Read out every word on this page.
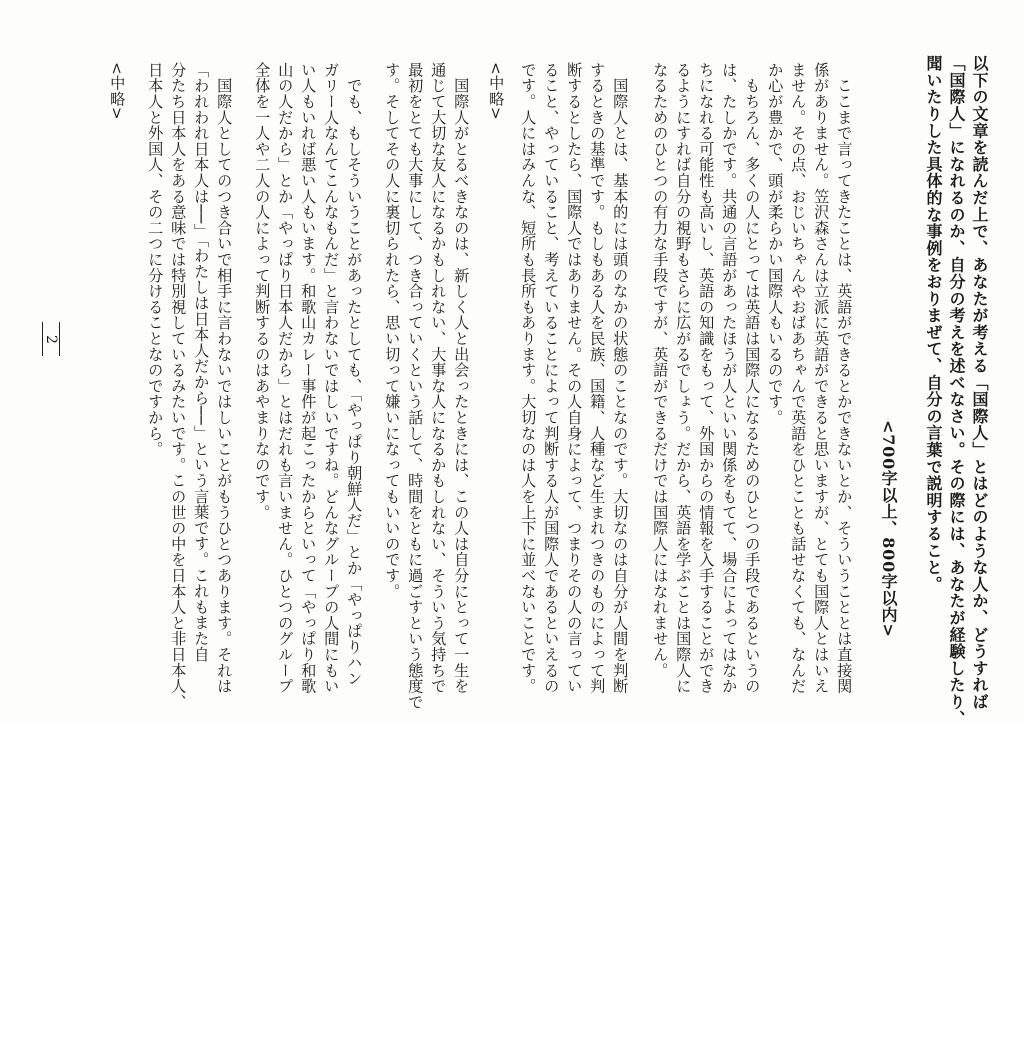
以下の文章を読んだ上で、あなたが考える「国際人」とはどのような人か、どうすれば
「国際人」になれるのか、自分の考えを述べなさい。その際には、あなたが経験したり、
聞いたりした具体的な事例をおりまぜて、自分の言葉で説明すること。
<700字以上、800字以内>
　ここまで言ってきたことは、英語ができるとかできないとか、そういうこととは直接関
係がありません。笠沢森さんは立派に英語ができると思いますが、とても国際人とはいえ
ません。その点、おじいちゃんやおばあちゃんで英語をひとことも話せなくても、なんだ
か心が豊かで、頭が柔らかい国際人もいるのです。
　もちろん、多くの人にとっては英語は国際人になるためのひとつの手段であるというの
は、たしかです。共通の言語があったほうが人といい関係をもてて、場合によってはなか
ちになれる可能性も高いし、英語の知識をもって、外国からの情報を入手することができ
るようにすれば自分の視野もさらに広がるでしょう。だから、英語を学ぶことは国際人に
なるためのひとつの有力な手段ですが、英語ができるだけでは国際人にはなれません。
　国際人とは、基本的には頭のなかの状態のことなのです。大切なのは自分が人間を判断
するときの基準です。もしもある人を民族、国籍、人種など生まれつきのものによって判
断するとしたら、国際人ではありません。その人自身によって、つまりその人の言ってい
ること、やっていること、考えていることによって判断する人が国際人であるといえるの
です。人にはみんな、短所も長所もあります。大切なのは人を上下に並べないことです。
<中略>
　国際人がとるべきなのは、新しく人と出会ったときには、この人は自分にとって一生を
通じて大切な友人になるかもしれない、大事な人になるかもしれない、そういう気持ちで
最初をとても大事にして、つき合っていくという話して、時間をともに過ごすという態度で
す。そしてその人に裏切られたら、思い切って嫌いになってもいいのです。
　でも、もしそういうことがあったとしても、「やっぱり朝鮮人だ」とか「やっぱりハン
ガリー人なんてこんなもんだ」と言わないではしいですね。どんなグループの人間にもい
い人もいれば悪い人もいます。和歌山カレー事件が起こったからといって「やっぱり和歌
山の人だから」とか「やっぱり日本人だから」とはだれも言いません。ひとつのグループ
全体を一人や二人の人によって判断するのはあやまりなのです。
　国際人としてのつき合いで相手に言わないではしいことがもうひとつあります。それは
「われわれ日本人は──」「わたしは日本人だから──」という言葉です。これもまた自
分たち日本人をある意味では特別視しているみたいです。この世の中を日本人と非日本人、
日本人と外国人、その二つに分けることなのですから。
<中略>
2
